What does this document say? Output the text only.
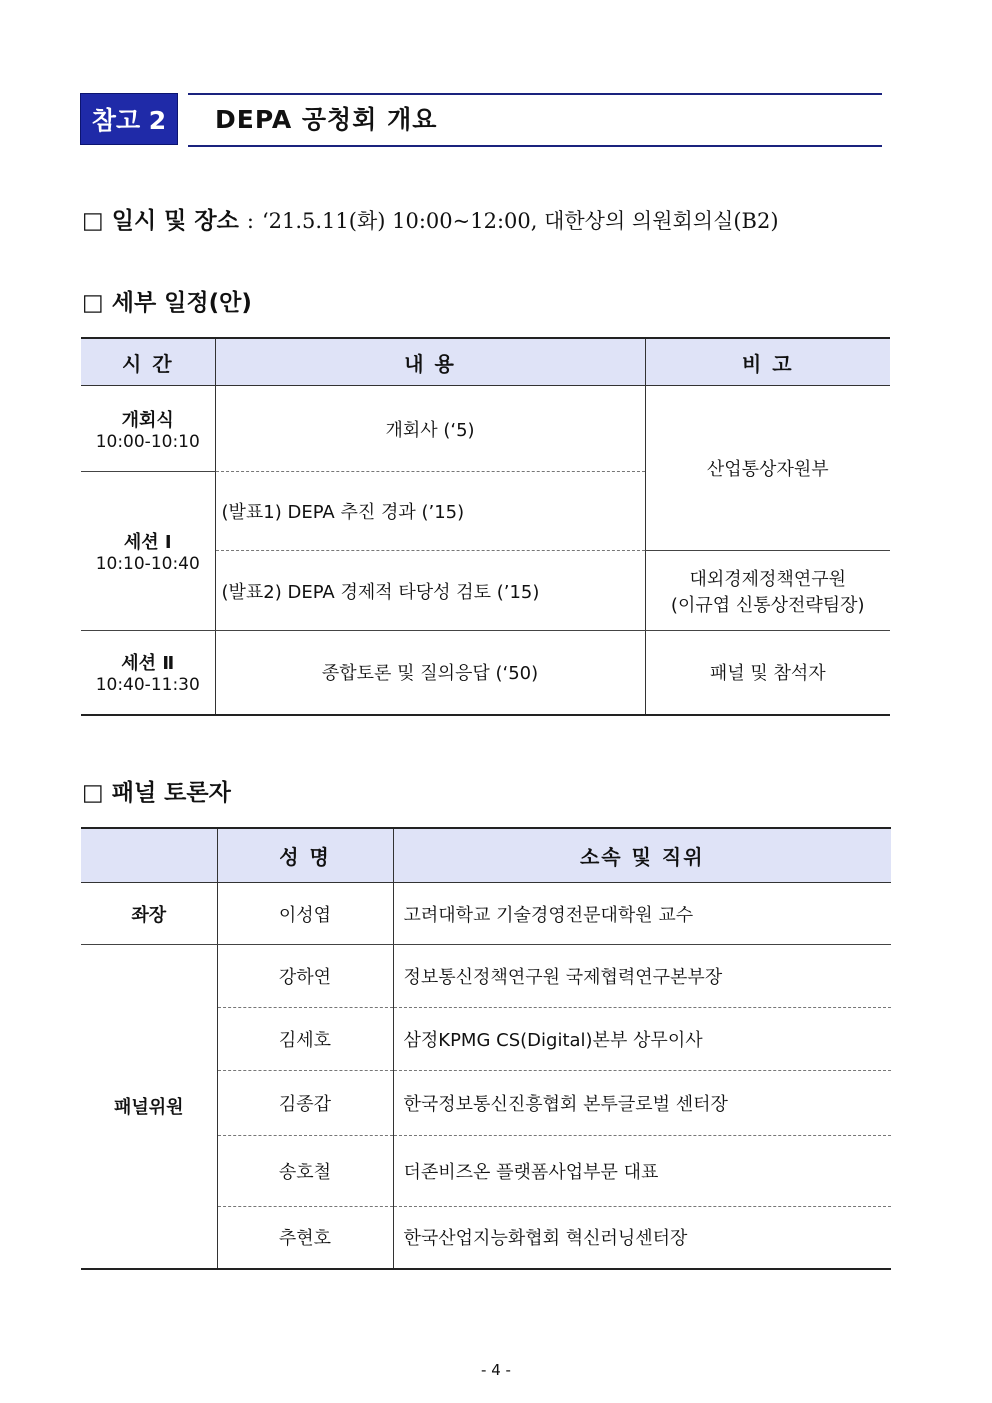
참고 2 DEPA 공청회 개요
□ 일시 및 장소 : ‘21.5.11(화) 10:00~12:00, 대한상의 의원회의실(B2)
□ 세부 일정(안)
시 간	내 용	비 고

개회식
10:00-10:10	개회사 (‘5)	산업통상자원부

세션 Ⅰ
10:10-10:40	(발표1) DEPA 추진 경과 (’15)	
	(발표2) DEPA 경제적 타당성 검토 (’15)	대외경제정책연구원
(이규엽 신통상전략팀장)

세션 Ⅱ
10:40-11:30	종합토론 및 질의응답 (‘50)	패널 및 참석자
□ 패널 토론자
	성 명	소속 및 직위
좌장	이성엽	고려대학교 기술경영전문대학원 교수
패널위원	강하연	정보통신정책연구원 국제협력연구본부장
	김세호	삼정KPMG CS(Digital)본부 상무이사
	김종갑	한국정보통신진흥협회 본투글로벌 센터장
	송호철	더존비즈온 플랫폼사업부문 대표
	추현호	한국산업지능화협회 혁신러닝센터장
- 4 -
